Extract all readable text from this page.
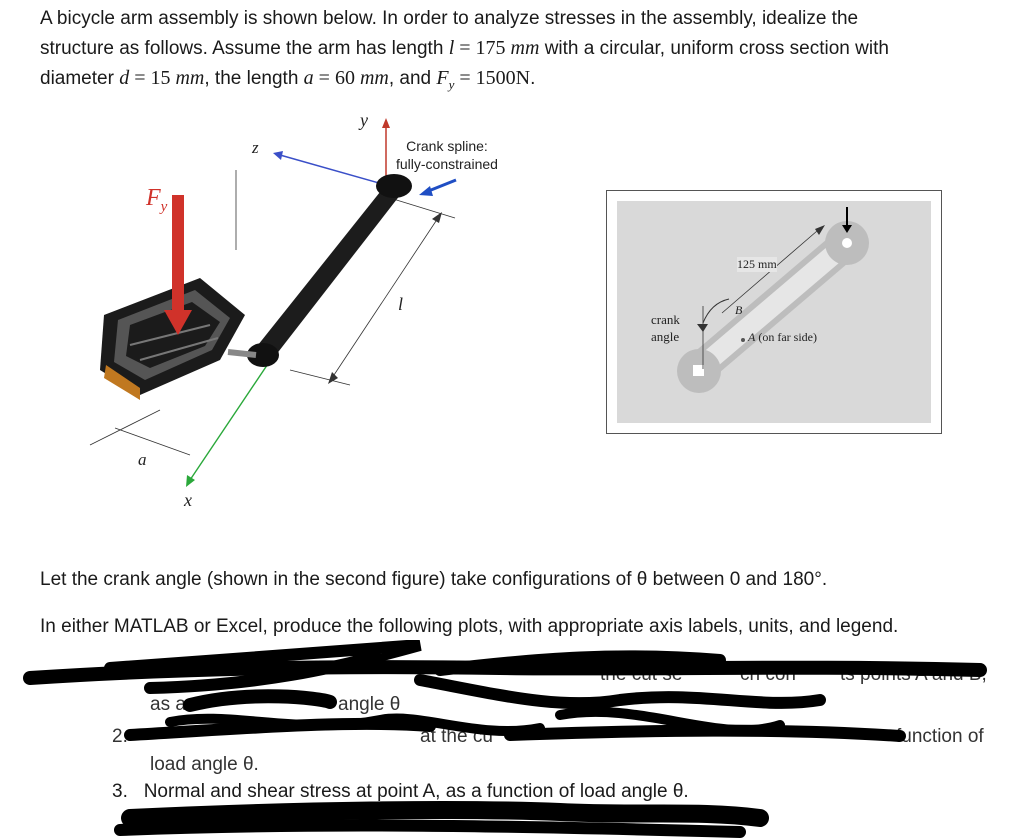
A bicycle arm assembly is shown below. In order to analyze stresses in the assembly, idealize the
structure as follows. Assume the arm has length l = 175 mm with a circular, uniform cross section with
diameter d = 15 mm, the length a = 60 mm, and $F_y = 1500N$.
y
z
x
a
l
$F_y$
Crank spline:
fully-constrained
125 mm
crank
angle
B
A (on far side)
Let the crank angle (shown in the second figure) take configurations of θ between 0 and 180°.
In either MATLAB or Excel, produce the following plots, with appropriate axis labels, units, and legend.
ts points A and B,
as a	angle θ
the cut se	ch con
2.	at the cu	function of
load angle θ.
3. Normal and shear stress at point A, as a function of load angle θ.
